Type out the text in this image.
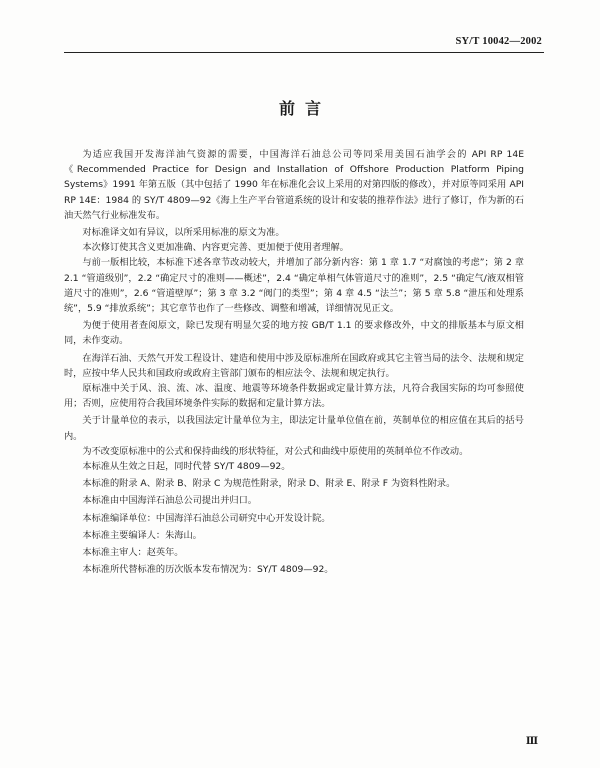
SY/T 10042—2002
前言

为适应我国开发海洋油气资源的需要，中国海洋石油总公司等同采用美国石油学会的 API RP 14E《Recommended Practice for Design and Installation of Offshore Production Platform Piping Systems》1991 年第五版（其中包括了 1990 年在标准化会议上采用的对第四版的修改），并对原等同采用 API RP 14E：1984 的 SY/T 4809—92《海上生产平台管道系统的设计和安装的推荐作法》进行了修订，作为新的石油天然气行业标准发布。

对标准译文如有异议，以所采用标准的原文为准。

本次修订使其含义更加准确、内容更完善、更加便于使用者理解。

与前一版相比较，本标准下述各章节改动较大，并增加了部分新内容：第 1 章 1.7 “对腐蚀的考虑”；第 2 章 2.1 “管道级别”，2.2 “确定尺寸的准则——概述”，2.4 “确定单相气体管道尺寸的准则”，2.5 “确定气/液双相管道尺寸的准则”，2.6 “管道壁厚”；第 3 章 3.2 “阀门的类型”；第 4 章 4.5 “法兰”；第 5 章 5.8 “泄压和处理系统”，5.9 “排放系统”；其它章节也作了一些修改、调整和增减，详细情况见正文。

为便于使用者查阅原文，除已发现有明显欠妥的地方按 GB/T 1.1 的要求修改外，中文的排版基本与原文相同，未作变动。

在海洋石油、天然气开发工程设计、建造和使用中涉及原标准所在国政府或其它主管当局的法令、法规和规定时，应按中华人民共和国政府或政府主管部门颁布的相应法令、法规和规定执行。

原标准中关于风、浪、流、冰、温度、地震等环境条件数据或定量计算方法，凡符合我国实际的均可参照使用；否则，应使用符合我国环境条件实际的数据和定量计算方法。

关于计量单位的表示，以我国法定计量单位为主，即法定计量单位值在前，英制单位的相应值在其后的括号内。

为不改变原标准中的公式和保持曲线的形状特征，对公式和曲线中原使用的英制单位不作改动。

本标准从生效之日起，同时代替 SY/T 4809—92。

本标准的附录 A、附录 B、附录 C 为规范性附录，附录 D、附录 E、附录 F 为资料性附录。

本标准由中国海洋石油总公司提出并归口。

本标准编译单位：中国海洋石油总公司研究中心开发设计院。

本标准主要编译人：朱海山。

本标准主审人：赵英年。

本标准所代替标准的历次版本发布情况为：SY/T 4809—92。

Ⅲ
